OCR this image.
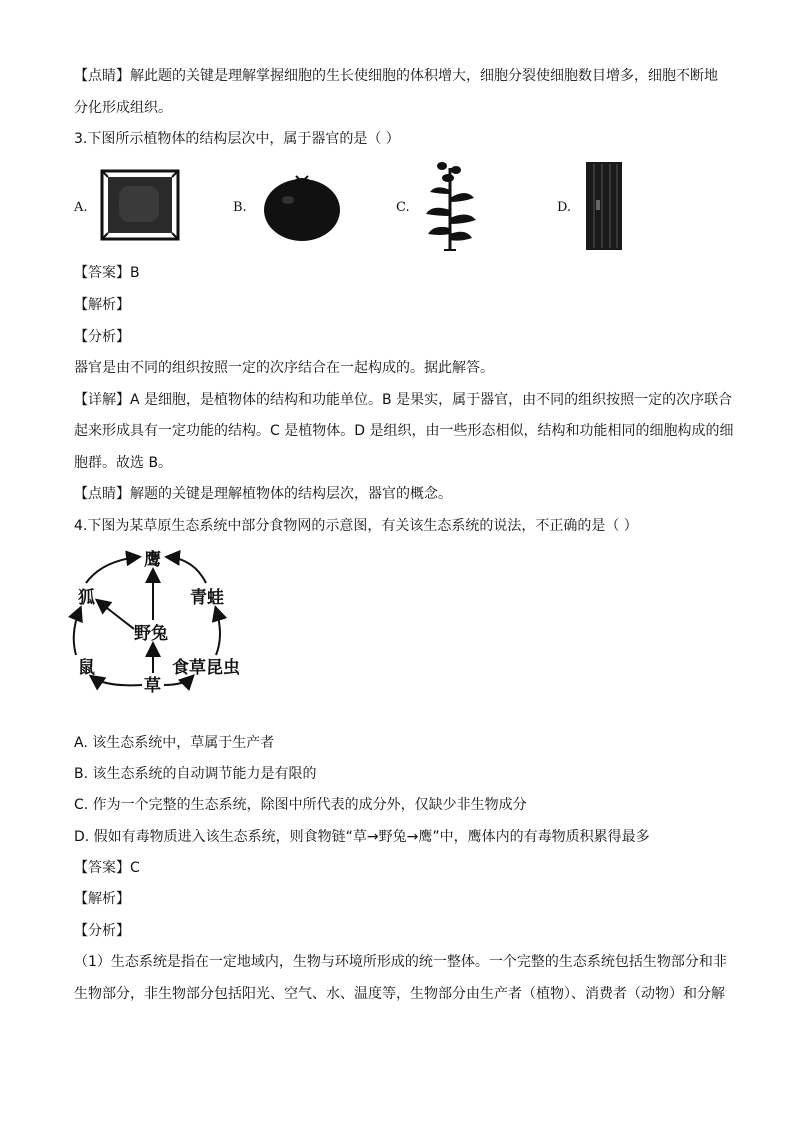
【点睛】解此题的关键是理解掌握细胞的生长使细胞的体积增大，细胞分裂使细胞数目增多，细胞不断地
分化形成组织。
3.下图所示植物体的结构层次中，属于器官的是（ ）
A.	B.	C.	D.
【答案】B
【解析】
【分析】
器官是由不同的组织按照一定的次序结合在一起构成的。据此解答。
【详解】A 是细胞，是植物体的结构和功能单位。B 是果实，属于器官，由不同的组织按照一定的次序联合
起来形成具有一定功能的结构。C 是植物体。D 是组织，由一些形态相似，结构和功能相同的细胞构成的细
胞群。故选 B。
【点睛】解题的关键是理解植物体的结构层次，器官的概念。
4.下图为某草原生态系统中部分食物网的示意图，有关该生态系统的说法，不正确的是（ ）
鹰
狐	青蛙
野兔
鼠	食草昆虫
草
A. 该生态系统中，草属于生产者
B. 该生态系统的自动调节能力是有限的
C. 作为一个完整的生态系统，除图中所代表的成分外，仅缺少非生物成分
D. 假如有毒物质进入该生态系统，则食物链“草→野兔→鹰”中，鹰体内的有毒物质积累得最多
【答案】C
【解析】
【分析】
（1）生态系统是指在一定地域内，生物与环境所形成的统一整体。一个完整的生态系统包括生物部分和非
生物部分，非生物部分包括阳光、空气、水、温度等，生物部分由生产者（植物）、消费者（动物）和分解
